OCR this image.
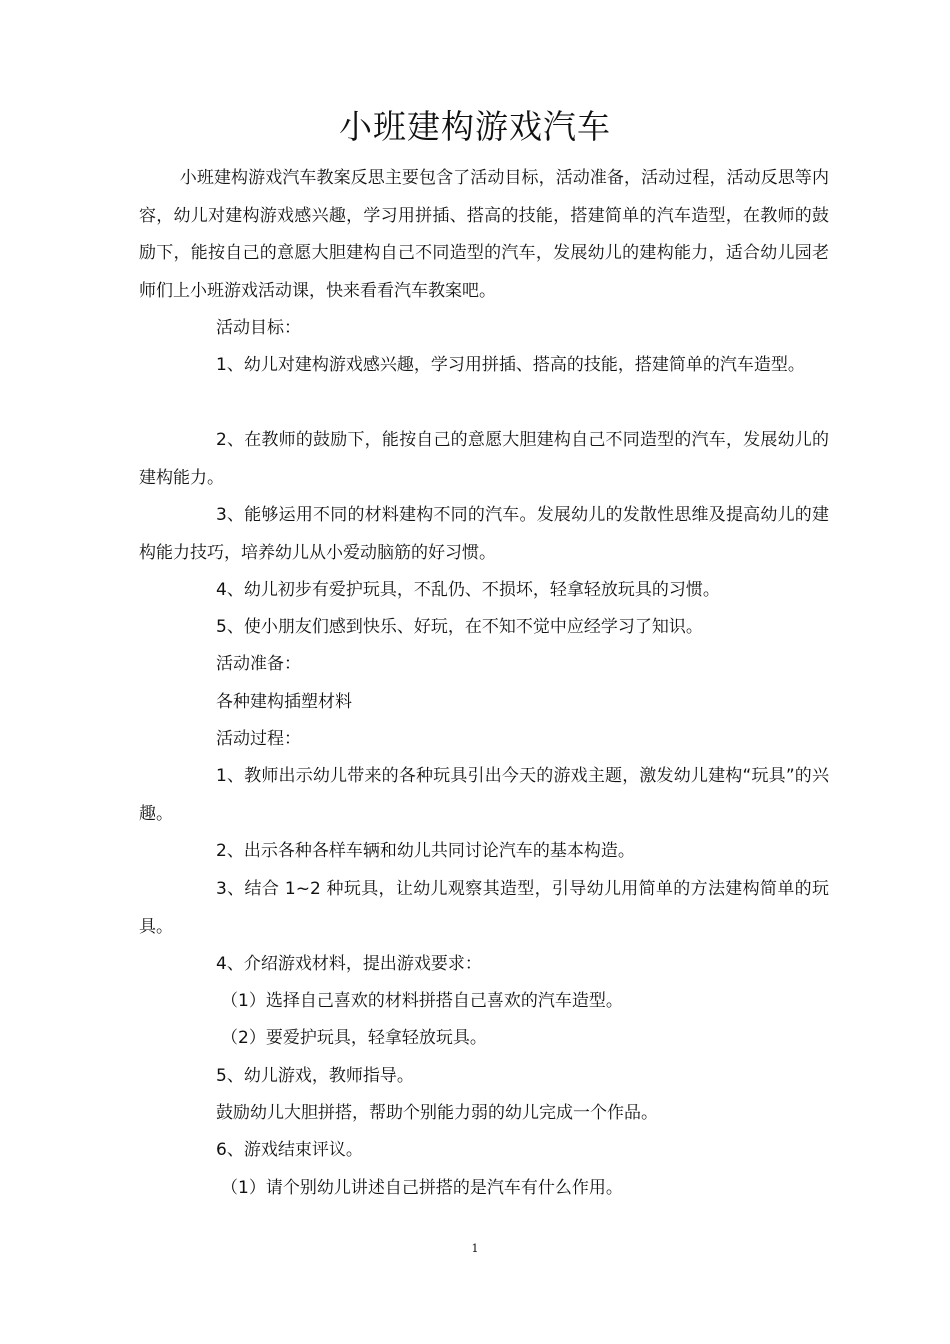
小班建构游戏汽车

小班建构游戏汽车教案反思主要包含了活动目标，活动准备，活动过程，活动反思等内容，幼儿对建构游戏感兴趣，学习用拼插、搭高的技能，搭建简单的汽车造型，在教师的鼓励下，能按自己的意愿大胆建构自己不同造型的汽车，发展幼儿的建构能力，适合幼儿园老师们上小班游戏活动课，快来看看汽车教案吧。

活动目标：

1、幼儿对建构游戏感兴趣，学习用拼插、搭高的技能，搭建简单的汽车造型。

2、在教师的鼓励下，能按自己的意愿大胆建构自己不同造型的汽车，发展幼儿的建构能力。

3、能够运用不同的材料建构不同的汽车。发展幼儿的发散性思维及提高幼儿的建构能力技巧，培养幼儿从小爱动脑筋的好习惯。

4、幼儿初步有爱护玩具，不乱仍、不损坏，轻拿轻放玩具的习惯。

5、使小朋友们感到快乐、好玩，在不知不觉中应经学习了知识。

活动准备：

各种建构插塑材料

活动过程：

1、教师出示幼儿带来的各种玩具引出今天的游戏主题，激发幼儿建构“玩具”的兴趣。

2、出示各种各样车辆和幼儿共同讨论汽车的基本构造。

3、结合 1~2 种玩具，让幼儿观察其造型，引导幼儿用简单的方法建构简单的玩具。

4、介绍游戏材料，提出游戏要求：

（1）选择自己喜欢的材料拼搭自己喜欢的汽车造型。

（2）要爱护玩具，轻拿轻放玩具。

5、幼儿游戏，教师指导。

鼓励幼儿大胆拼搭，帮助个别能力弱的幼儿完成一个作品。

6、游戏结束评议。

（1）请个别幼儿讲述自己拼搭的是汽车有什么作用。

1
